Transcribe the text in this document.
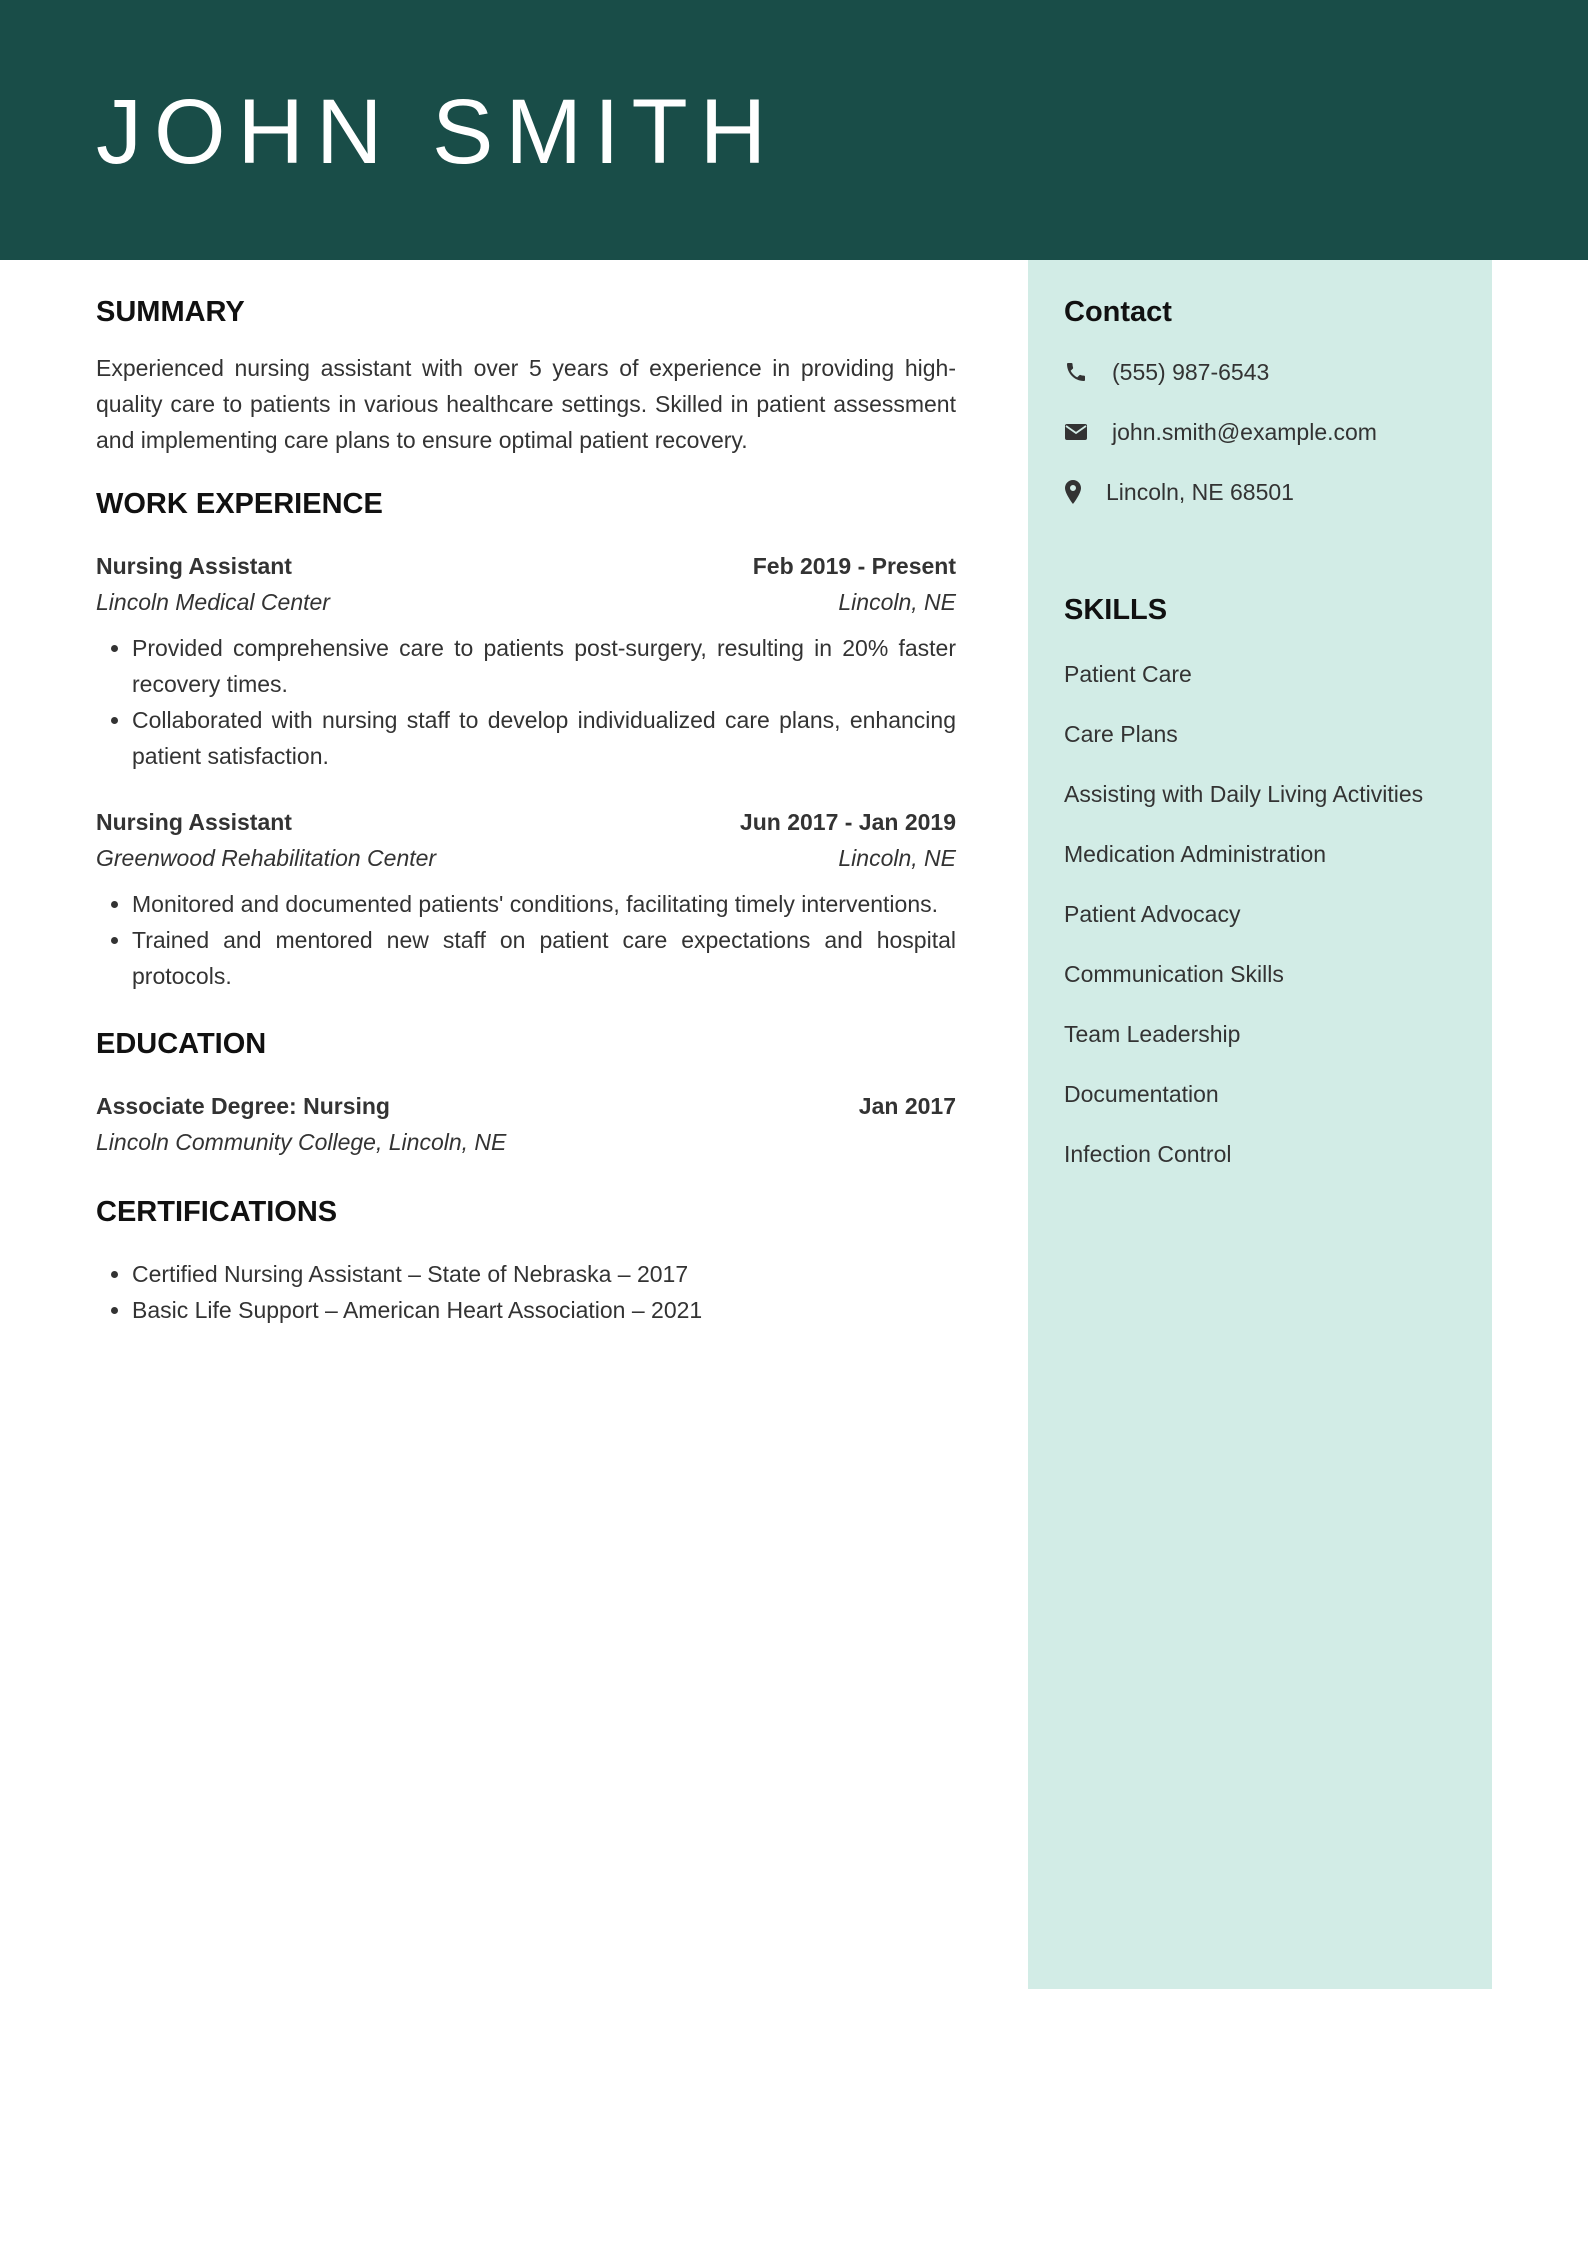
JOHN SMITH
SUMMARY

Experienced nursing assistant with over 5 years of experience in providing high-quality care to patients in various healthcare settings. Skilled in patient assessment and implementing care plans to ensure optimal patient recovery.

WORK EXPERIENCE
Nursing Assistant	Feb 2019 - Present
Lincoln Medical Center	Lincoln, NE
• Provided comprehensive care to patients post-surgery, resulting in 20% faster recovery times.
• Collaborated with nursing staff to develop individualized care plans, enhancing patient satisfaction.
Nursing Assistant	Jun 2017 - Jan 2019
Greenwood Rehabilitation Center	Lincoln, NE
• Monitored and documented patients' conditions, facilitating timely interventions.
• Trained and mentored new staff on patient care expectations and hospital protocols.
EDUCATION
Associate Degree: Nursing	Jan 2017
Lincoln Community College, Lincoln, NE
CERTIFICATIONS
• Certified Nursing Assistant – State of Nebraska – 2017
• Basic Life Support – American Heart Association – 2021
Contact
(555) 987-6543
john.smith@example.com
Lincoln, NE 68501
SKILLS
Patient Care
Care Plans
Assisting with Daily Living Activities
Medication Administration
Patient Advocacy
Communication Skills
Team Leadership
Documentation
Infection Control
